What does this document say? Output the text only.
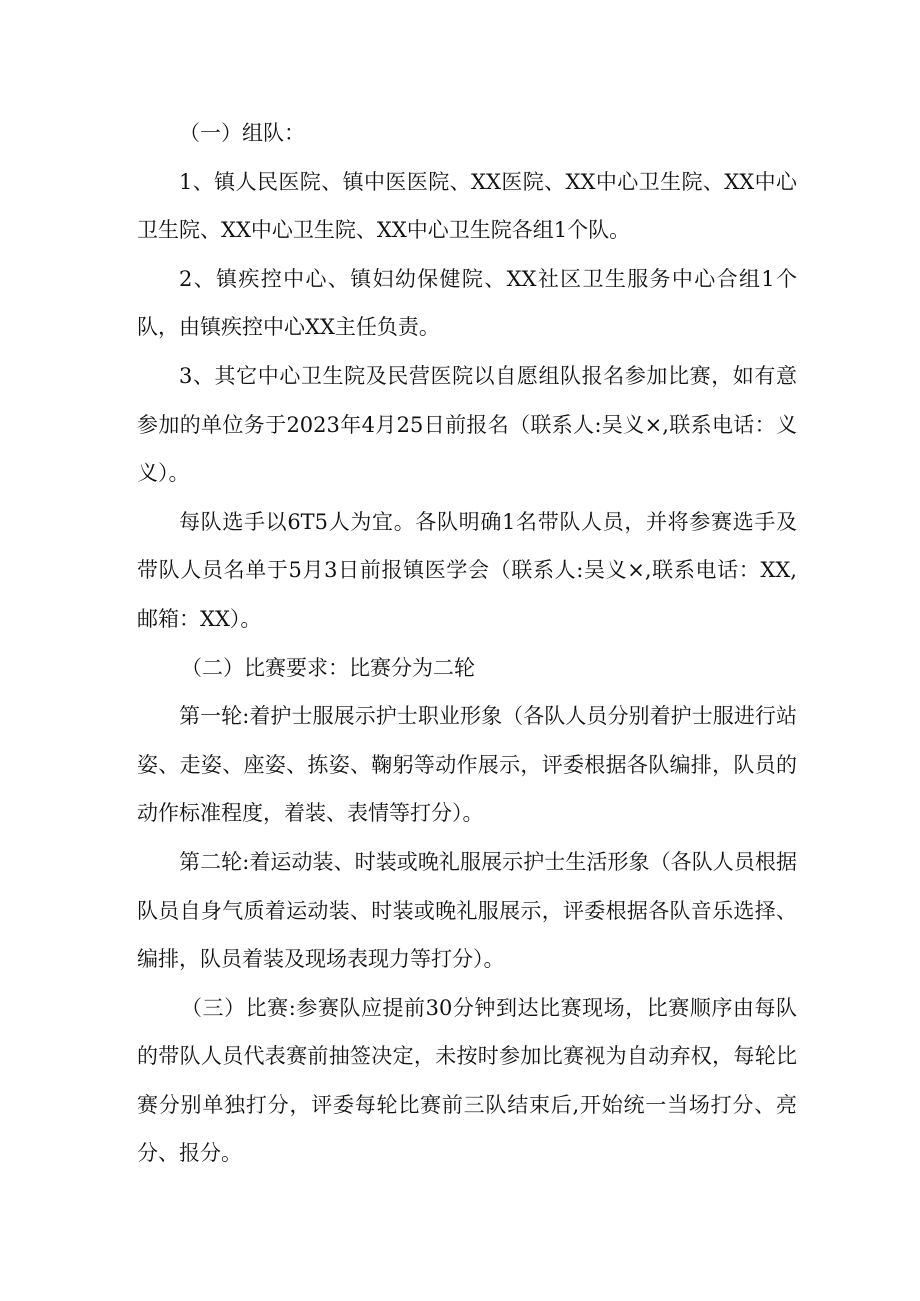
（一）组队：

1、镇人民医院、镇中医医院、XX医院、XX中心卫生院、XX中心卫生院、XX中心卫生院、XX中心卫生院各组1个队。

2、镇疾控中心、镇妇幼保健院、XX社区卫生服务中心合组1个队，由镇疾控中心XX主任负责。

3、其它中心卫生院及民营医院以自愿组队报名参加比赛，如有意参加的单位务于2023年4月25日前报名（联系人:吴义×,联系电话：义义）。

每队选手以6T5人为宜。各队明确1名带队人员，并将参赛选手及带队人员名单于5月3日前报镇医学会（联系人:吴义×,联系电话：XX,邮箱：XX）。

（二）比赛要求：比赛分为二轮

第一轮:着护士服展示护士职业形象（各队人员分别着护士服进行站姿、走姿、座姿、拣姿、鞠躬等动作展示，评委根据各队编排，队员的动作标准程度，着装、表情等打分）。

第二轮:着运动装、时装或晚礼服展示护士生活形象（各队人员根据队员自身气质着运动装、时装或晚礼服展示，评委根据各队音乐选择、编排，队员着装及现场表现力等打分）。

（三）比赛:参赛队应提前30分钟到达比赛现场，比赛顺序由每队的带队人员代表赛前抽签决定，未按时参加比赛视为自动弃权，每轮比赛分别单独打分，评委每轮比赛前三队结束后,开始统一当场打分、亮分、报分。
